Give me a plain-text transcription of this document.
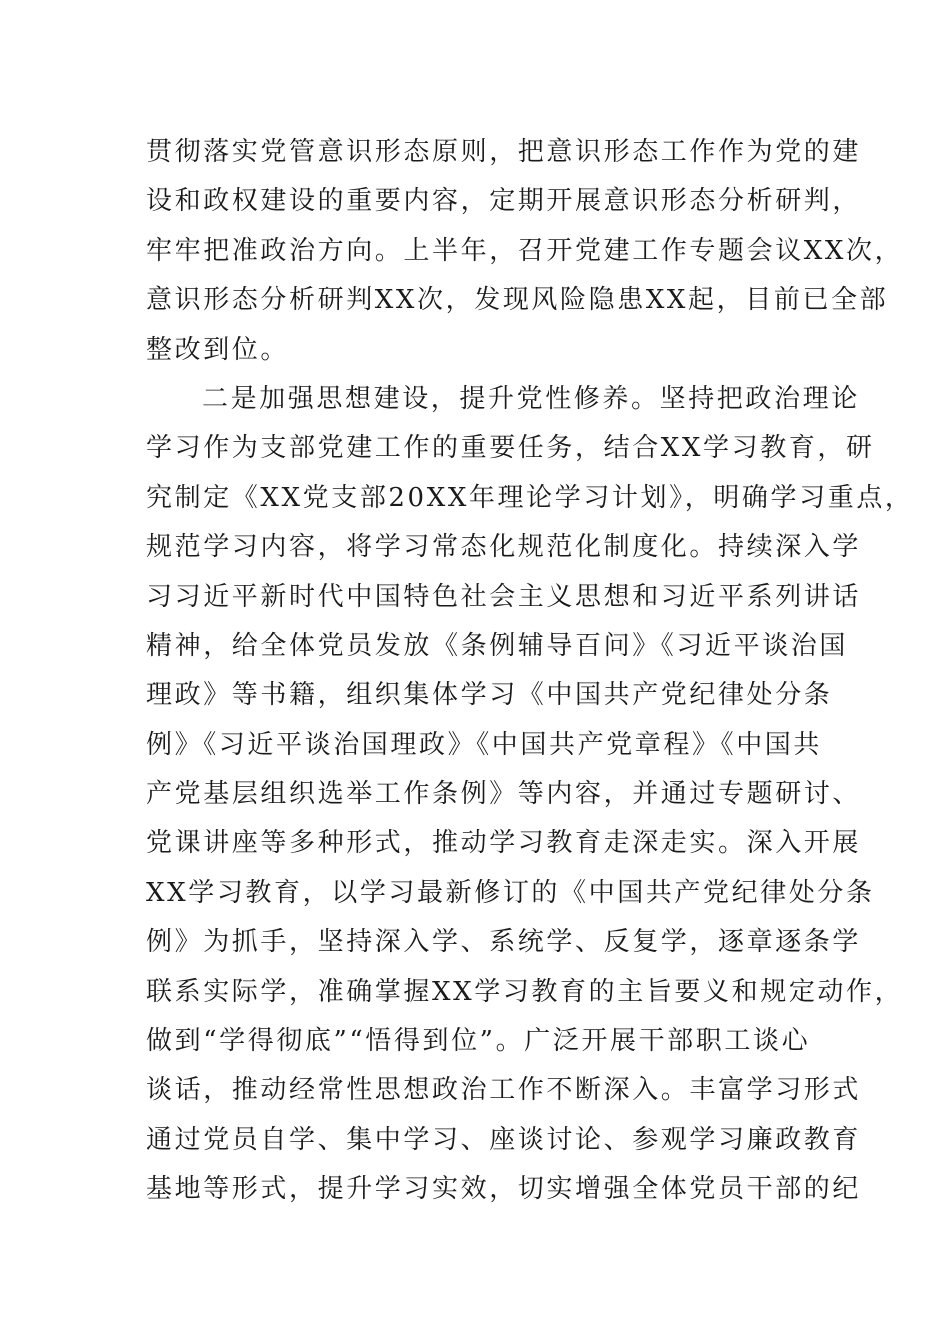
贯彻落实党管意识形态原则，把意识形态工作作为党的建
设和政权建设的重要内容，定期开展意识形态分析研判，
牢牢把准政治方向。上半年，召开党建工作专题会议XX次，
意识形态分析研判XX次，发现风险隐患XX起，目前已全部
整改到位。
二是加强思想建设，提升党性修养。坚持把政治理论
学习作为支部党建工作的重要任务，结合XX学习教育，研
究制定《XX党支部20XX年理论学习计划》，明确学习重点，
规范学习内容，将学习常态化规范化制度化。持续深入学
习习近平新时代中国特色社会主义思想和习近平系列讲话
精神，给全体党员发放《条例辅导百问》《习近平谈治国
理政》等书籍，组织集体学习《中国共产党纪律处分条
例》《习近平谈治国理政》《中国共产党章程》《中国共
产党基层组织选举工作条例》等内容，并通过专题研讨、
党课讲座等多种形式，推动学习教育走深走实。深入开展
XX学习教育，以学习最新修订的《中国共产党纪律处分条
例》为抓手，坚持深入学、系统学、反复学，逐章逐条学
联系实际学，准确掌握XX学习教育的主旨要义和规定动作，
做到“学得彻底”“悟得到位”。广泛开展干部职工谈心
谈话，推动经常性思想政治工作不断深入。丰富学习形式
通过党员自学、集中学习、座谈讨论、参观学习廉政教育
基地等形式，提升学习实效，切实增强全体党员干部的纪
